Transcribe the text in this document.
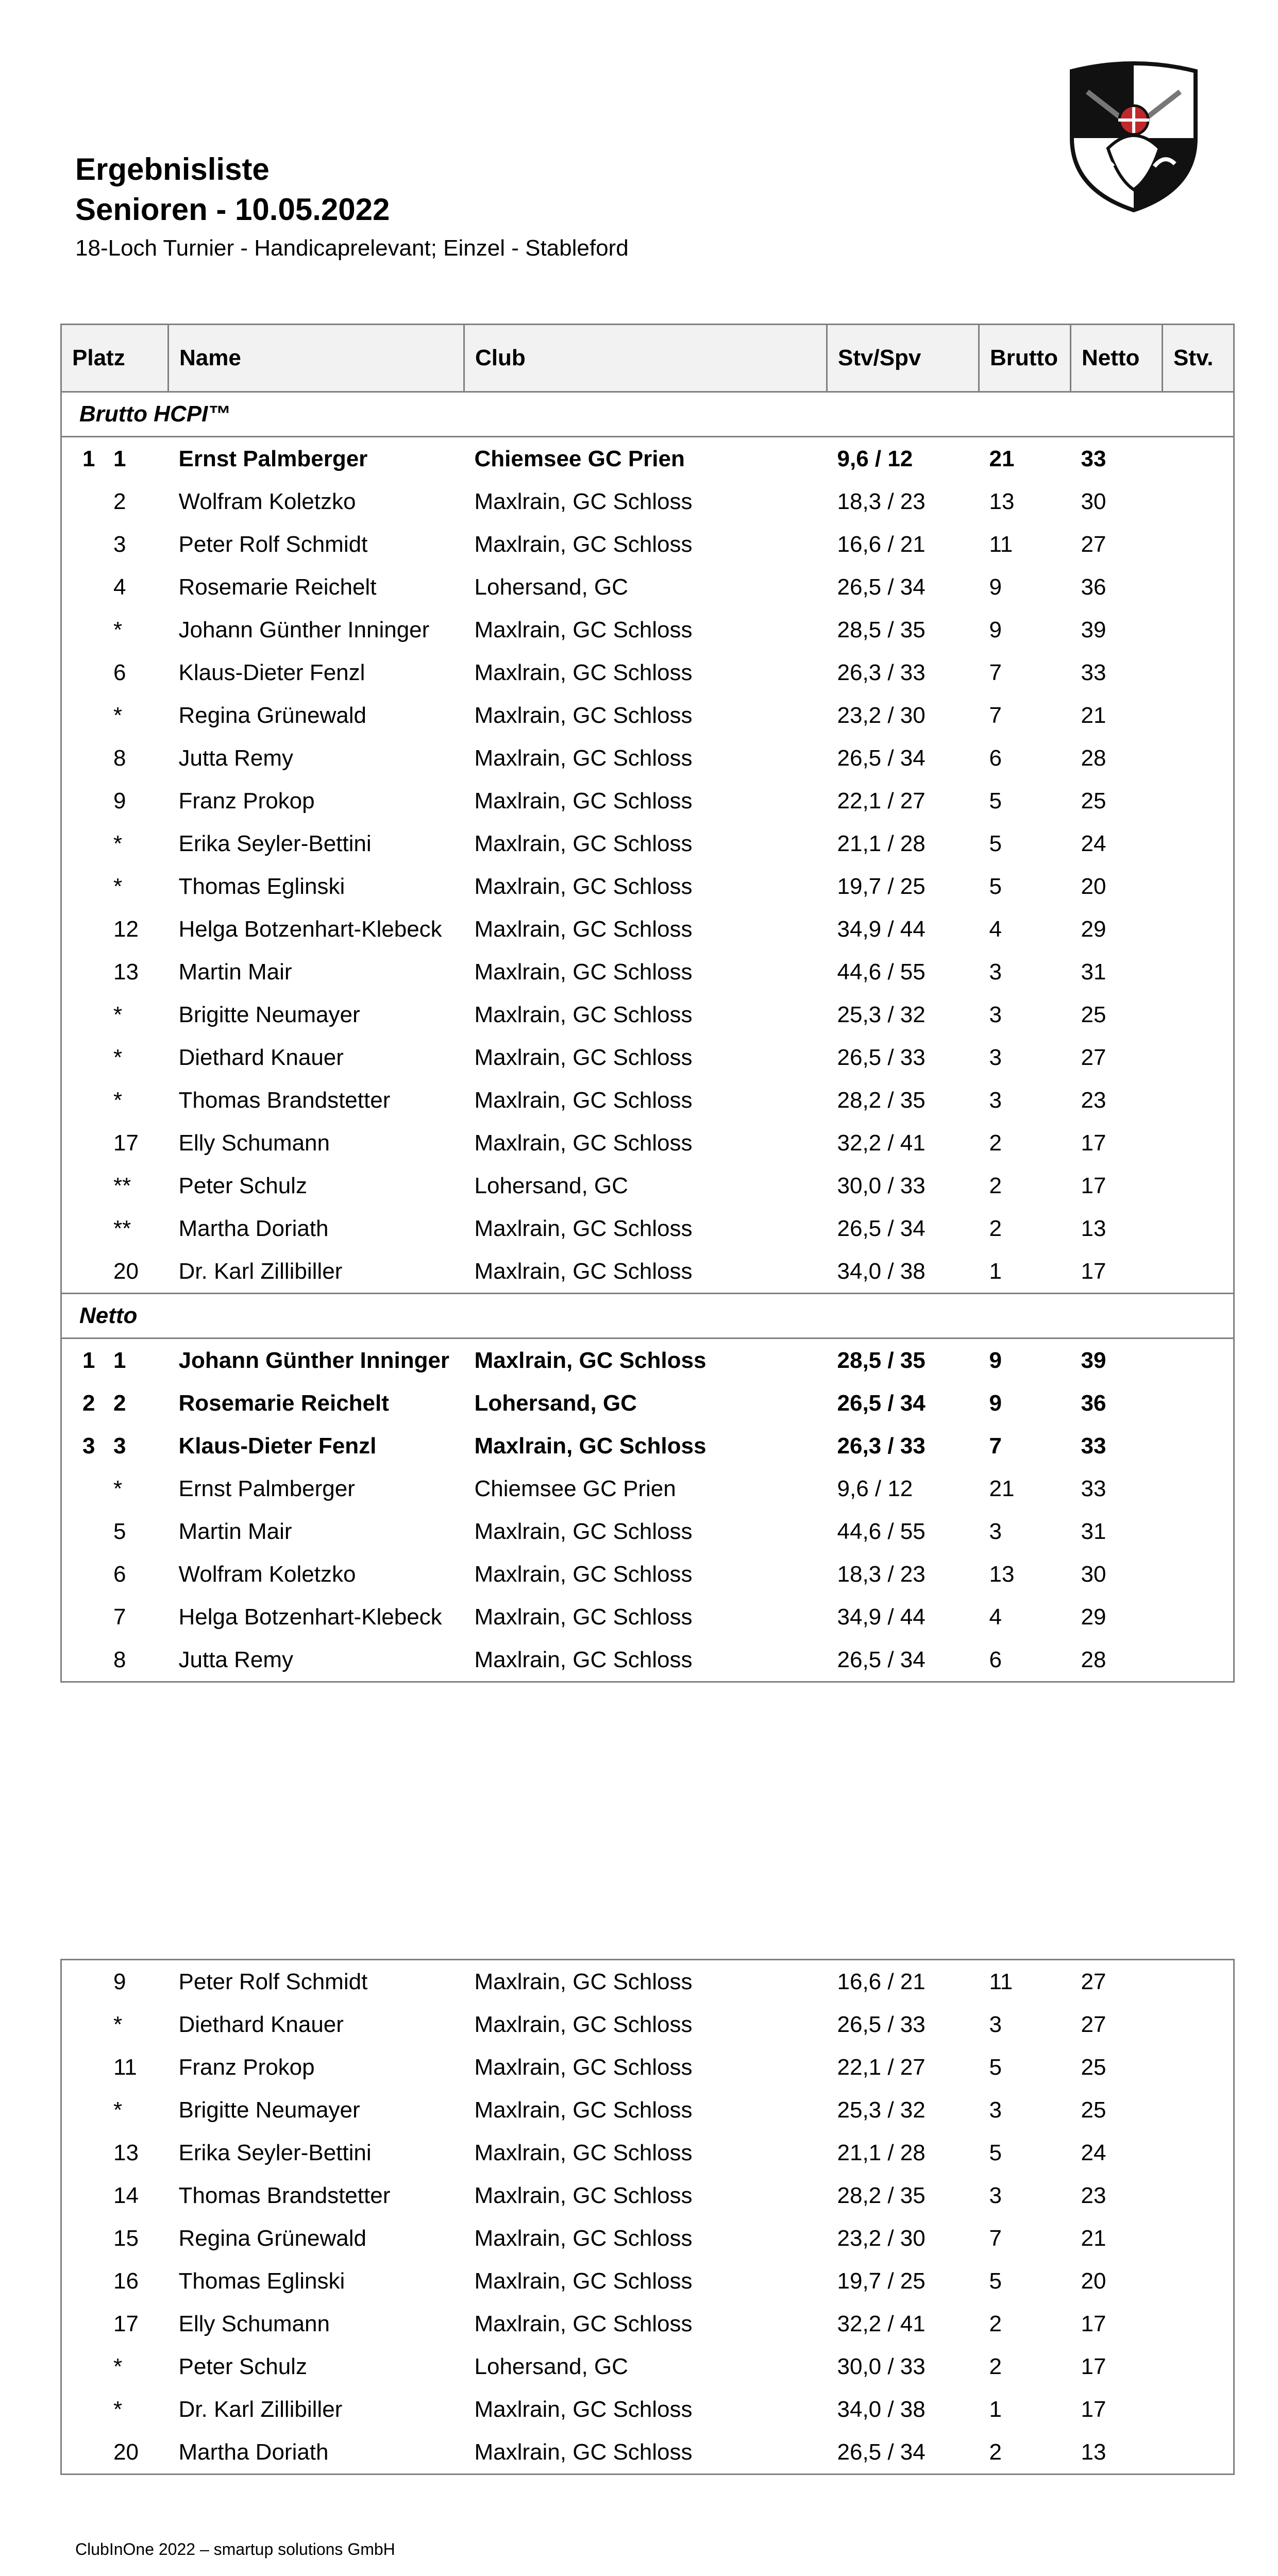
Ergebnisliste
Senioren - 10.05.2022
18-Loch Turnier - Handicaprelevant; Einzel - Stableford
Platz	Name	Club	Stv/Spv	Brutto	Netto	Stv.
Brutto HCPI™						
1 1	Ernst Palmberger	Chiemsee GC Prien	9,6 / 12	21	33	
2	Wolfram Koletzko	Maxlrain, GC Schloss	18,3 / 23	13	30	
3	Peter Rolf Schmidt	Maxlrain, GC Schloss	16,6 / 21	11	27	
4	Rosemarie Reichelt	Lohersand, GC	26,5 / 34	9	36	
*	Johann Günther Inninger	Maxlrain, GC Schloss	28,5 / 35	9	39	
6	Klaus-Dieter Fenzl	Maxlrain, GC Schloss	26,3 / 33	7	33	
*	Regina Grünewald	Maxlrain, GC Schloss	23,2 / 30	7	21	
8	Jutta Remy	Maxlrain, GC Schloss	26,5 / 34	6	28	
9	Franz Prokop	Maxlrain, GC Schloss	22,1 / 27	5	25	
*	Erika Seyler-Bettini	Maxlrain, GC Schloss	21,1 / 28	5	24	
*	Thomas Eglinski	Maxlrain, GC Schloss	19,7 / 25	5	20	
12	Helga Botzenhart-Klebeck	Maxlrain, GC Schloss	34,9 / 44	4	29	
13	Martin Mair	Maxlrain, GC Schloss	44,6 / 55	3	31	
*	Brigitte Neumayer	Maxlrain, GC Schloss	25,3 / 32	3	25	
*	Diethard Knauer	Maxlrain, GC Schloss	26,5 / 33	3	27	
*	Thomas Brandstetter	Maxlrain, GC Schloss	28,2 / 35	3	23	
17	Elly Schumann	Maxlrain, GC Schloss	32,2 / 41	2	17	
**	Peter Schulz	Lohersand, GC	30,0 / 33	2	17	
**	Martha Doriath	Maxlrain, GC Schloss	26,5 / 34	2	13	
20	Dr. Karl Zillibiller	Maxlrain, GC Schloss	34,0 / 38	1	17	
Netto						
1 1	Johann Günther Inninger	Maxlrain, GC Schloss	28,5 / 35	9	39	
2 2	Rosemarie Reichelt	Lohersand, GC	26,5 / 34	9	36	
3 3	Klaus-Dieter Fenzl	Maxlrain, GC Schloss	26,3 / 33	7	33	
*	Ernst Palmberger	Chiemsee GC Prien	9,6 / 12	21	33	
5	Martin Mair	Maxlrain, GC Schloss	44,6 / 55	3	31	
6	Wolfram Koletzko	Maxlrain, GC Schloss	18,3 / 23	13	30	
7	Helga Botzenhart-Klebeck	Maxlrain, GC Schloss	34,9 / 44	4	29	
8	Jutta Remy	Maxlrain, GC Schloss	26,5 / 34	6	28	
9	Peter Rolf Schmidt	Maxlrain, GC Schloss	16,6 / 21	11	27	
*	Diethard Knauer	Maxlrain, GC Schloss	26,5 / 33	3	27	
11	Franz Prokop	Maxlrain, GC Schloss	22,1 / 27	5	25	
*	Brigitte Neumayer	Maxlrain, GC Schloss	25,3 / 32	3	25	
13	Erika Seyler-Bettini	Maxlrain, GC Schloss	21,1 / 28	5	24	
14	Thomas Brandstetter	Maxlrain, GC Schloss	28,2 / 35	3	23	
15	Regina Grünewald	Maxlrain, GC Schloss	23,2 / 30	7	21	
16	Thomas Eglinski	Maxlrain, GC Schloss	19,7 / 25	5	20	
17	Elly Schumann	Maxlrain, GC Schloss	32,2 / 41	2	17	
*	Peter Schulz	Lohersand, GC	30,0 / 33	2	17	
*	Dr. Karl Zillibiller	Maxlrain, GC Schloss	34,0 / 38	1	17	
20	Martha Doriath	Maxlrain, GC Schloss	26,5 / 34	2	13	
ClubInOne 2022 – smartup solutions GmbH
